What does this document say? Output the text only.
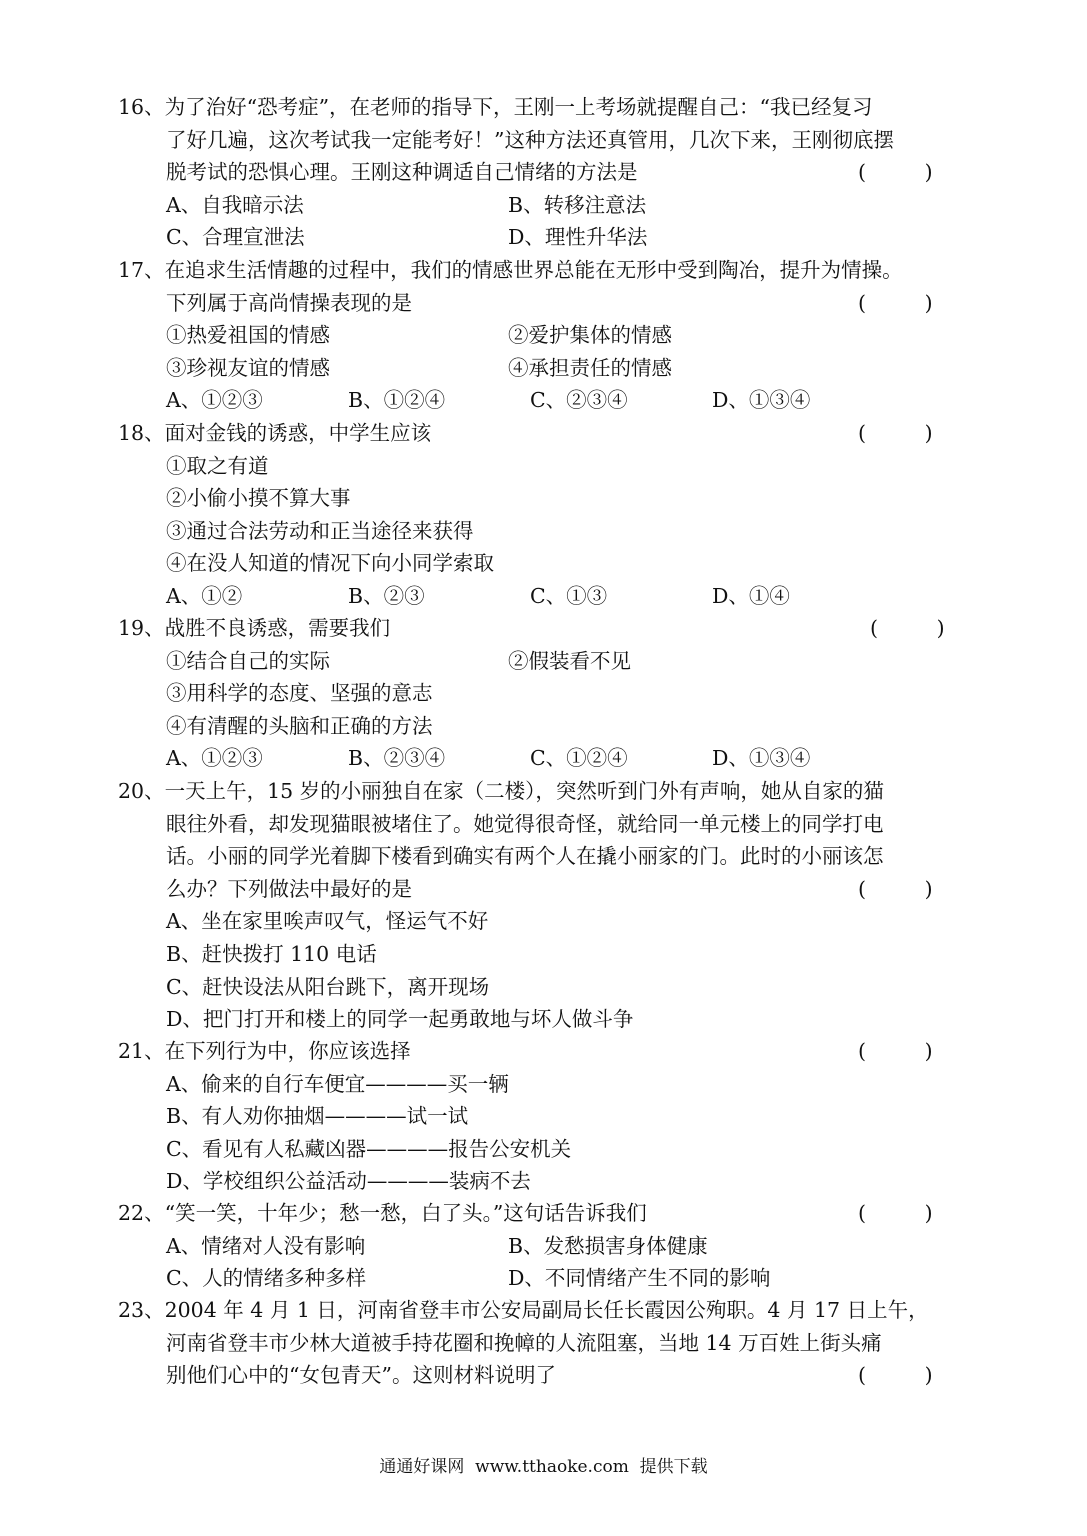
16、为了治好“恐考症”，在老师的指导下，王刚一上考场就提醒自己：“我已经复习
了好几遍，这次考试我一定能考好！”这种方法还真管用，几次下来，王刚彻底摆
脱考试的恐惧心理。王刚这种调适自己情绪的方法是	(         )
A、自我暗示法	B、转移注意法
C、合理宣泄法	D、理性升华法
17、在追求生活情趣的过程中，我们的情感世界总能在无形中受到陶冶，提升为情操。
下列属于高尚情操表现的是	(         )
①热爱祖国的情感	②爱护集体的情感
③珍视友谊的情感	④承担责任的情感
A、①②③	B、①②④	C、②③④	D、①③④
18、面对金钱的诱惑，中学生应该	(         )
①取之有道
②小偷小摸不算大事
③通过合法劳动和正当途径来获得
④在没人知道的情况下向小同学索取
A、①②	B、②③	C、①③	D、①④
19、战胜不良诱惑，需要我们	(         )
①结合自己的实际	②假装看不见
③用科学的态度、坚强的意志
④有清醒的头脑和正确的方法
A、①②③	B、②③④	C、①②④	D、①③④
20、一天上午，15 岁的小丽独自在家（二楼），突然听到门外有声响，她从自家的猫
眼往外看，却发现猫眼被堵住了。她觉得很奇怪，就给同一单元楼上的同学打电
话。小丽的同学光着脚下楼看到确实有两个人在撬小丽家的门。此时的小丽该怎
么办？下列做法中最好的是	(         )
A、坐在家里唉声叹气，怪运气不好
B、赶快拨打 110 电话
C、赶快设法从阳台跳下，离开现场
D、把门打开和楼上的同学一起勇敢地与坏人做斗争
21、在下列行为中，你应该选择	(         )
A、偷来的自行车便宜————买一辆
B、有人劝你抽烟————试一试
C、看见有人私藏凶器————报告公安机关
D、学校组织公益活动————装病不去
22、“笑一笑，十年少；愁一愁，白了头。”这句话告诉我们	(         )
A、情绪对人没有影响	B、发愁损害身体健康
C、人的情绪多种多样	D、不同情绪产生不同的影响
23、2004 年 4 月 1 日，河南省登丰市公安局副局长任长霞因公殉职。4 月 17 日上午，
河南省登丰市少林大道被手持花圈和挽幛的人流阻塞，当地 14 万百姓上街头痛
别他们心中的“女包青天”。这则材料说明了	(         )
通通好课网  www.tthaoke.com  提供下载
